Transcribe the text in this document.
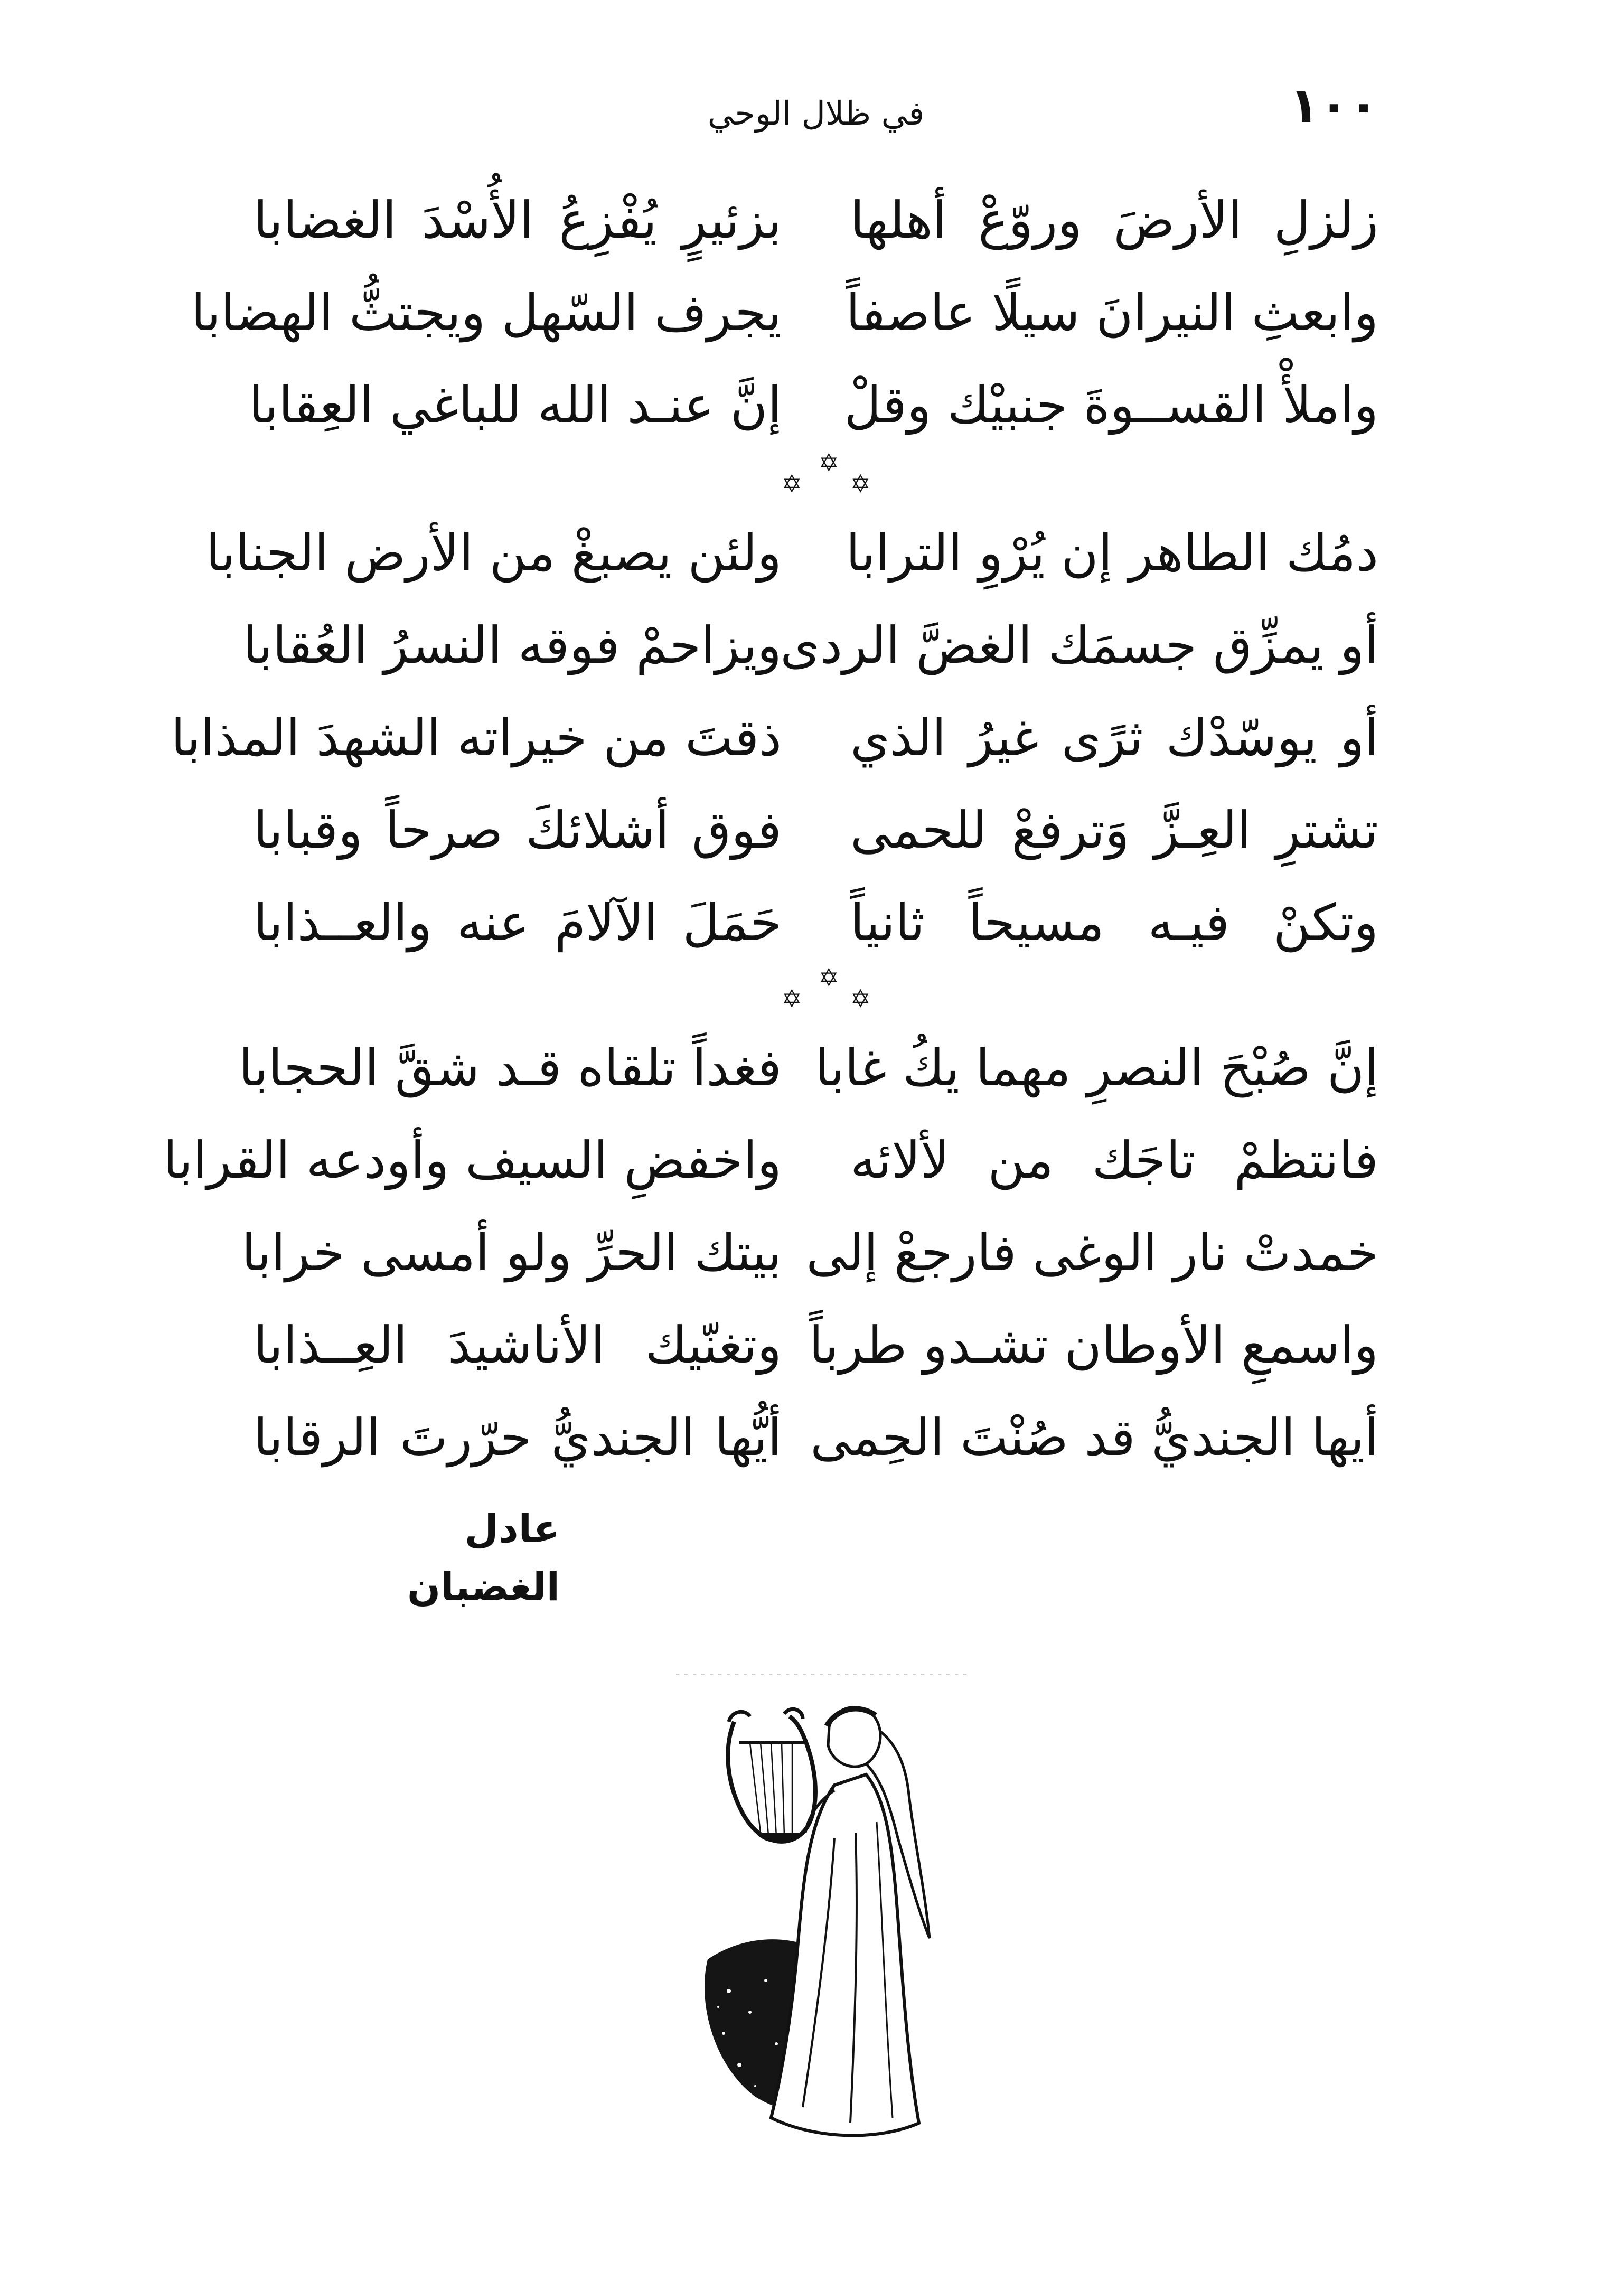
١٠٠
في ظلال الوحي
زلزلِ الأرضَ وروّعْ أهلها
بزئيرٍ يُفْزِعُ الأُسْدَ الغضابا
وابعثِ النيرانَ سيلًا عاصفاً
يجرف السّهل ويجتثُّ الهضابا
واملأْ القســوةَ جنبيْك وقلْ
إنَّ عنـد الله للباغي العِقابا
✡
✡
✡
دمُك الطاهر إن يُرْوِ الترابا
ولئن يصبغْ من الأرض الجنابا
أو يمزِّق جسمَك الغضَّ الردى
ويزاحمْ فوقه النسرُ العُقابا
أو يوسّدْك ثرًى غيرُ الذي
ذقتَ من خيراته الشهدَ المذابا
تشترِ العِـزَّ وَترفعْ للحمى
فوق أشلائكَ صرحاً وقبابا
وتكنْ فيـه مسيحاً ثانياً
حَمَلَ الآلامَ عنه والعــذابا
✡
✡
✡
إنَّ صُبْحَ النصرِ مهما يكُ غابا
فغداً تلقاه قـد شقَّ الحجابا
فانتظمْ تاجَك من لألائه
واخفضِ السيف وأودعه القرابا
خمدتْ نار الوغى فارجعْ إلى
بيتك الحرِّ ولو أمسى خرابا
واسمعِ الأوطان تشـدو طرباً
وتغنّيك الأناشيدَ العِــذابا
أيها الجنديُّ قد صُنْتَ الحِمى
أيُّها الجنديُّ حرّرتَ الرقابا
عادل الغضبان
